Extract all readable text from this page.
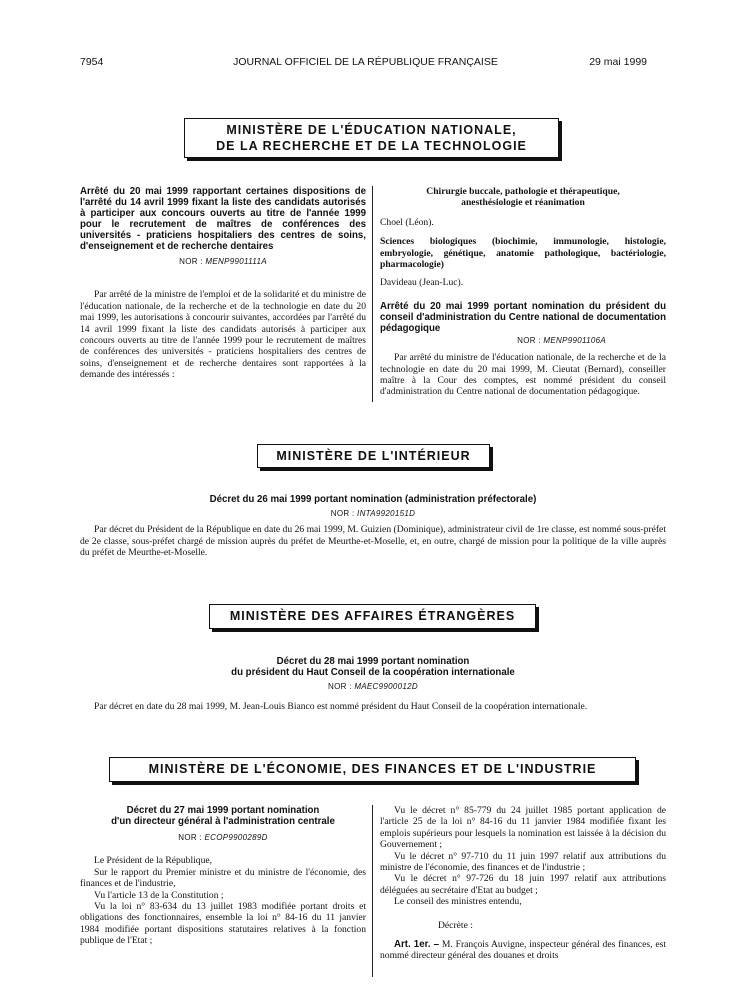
7954	JOURNAL OFFICIEL DE LA RÉPUBLIQUE FRANÇAISE	29 mai 1999
MINISTÈRE DE L'ÉDUCATION NATIONALE,
DE LA RECHERCHE ET DE LA TECHNOLOGIE
Arrêté du 20 mai 1999 rapportant certaines dispositions de l'arrêté du 14 avril 1999 fixant la liste des candidats autorisés à participer aux concours ouverts au titre de l'année 1999 pour le recrutement de maîtres de conférences des universités - praticiens hospitaliers des centres de soins, d'enseignement et de recherche dentaires
NOR : MENP9901111A

Par arrêté de la ministre de l'emploi et de la solidarité et du ministre de l'éducation nationale, de la recherche et de la technologie en date du 20 mai 1999, les autorisations à concourir suivantes, accordées par l'arrêté du 14 avril 1999 fixant la liste des candidats autorisés à participer aux concours ouverts au titre de l'année 1999 pour le recrutement de maîtres de conférences des universités - praticiens hospitaliers des centres de soins, d'enseignement et de recherche dentaires sont rapportées à la demande des intéressés :

Chirurgie buccale, pathologie et thérapeutique, anesthésiologie et réanimation

Choel (Léon).

Sciences biologiques (biochimie, immunologie, histologie, embryologie, génétique, anatomie pathologique, bactériologie, pharmacologie)

Davideau (Jean-Luc).

Arrêté du 20 mai 1999 portant nomination du président du conseil d'administration du Centre national de documentation pédagogique
NOR : MENP9901106A

Par arrêté du ministre de l'éducation nationale, de la recherche et de la technologie en date du 20 mai 1999, M. Cieutat (Bernard), conseiller maître à la Cour des comptes, est nommé président du conseil d'administration du Centre national de documentation pédagogique.

MINISTÈRE DE L'INTÉRIEUR
Décret du 26 mai 1999 portant nomination (administration préfectorale)
NOR : INTA9920151D

Par décret du Président de la République en date du 26 mai 1999, M. Guizien (Dominique), administrateur civil de 1re classe, est nommé sous-préfet de 2e classe, sous-préfet chargé de mission auprès du préfet de Meurthe-et-Moselle, et, en outre, chargé de mission pour la politique de la ville auprès du préfet de Meurthe-et-Moselle.

MINISTÈRE DES AFFAIRES ÉTRANGÈRES
Décret du 28 mai 1999 portant nomination
du président du Haut Conseil de la coopération internationale
NOR : MAEC9900012D

Par décret en date du 28 mai 1999, M. Jean-Louis Bianco est nommé président du Haut Conseil de la coopération internationale.

MINISTÈRE DE L'ÉCONOMIE, DES FINANCES ET DE L'INDUSTRIE
Décret du 27 mai 1999 portant nomination
d'un directeur général à l'administration centrale
NOR : ECOP9900289D

Le Président de la République,

Sur le rapport du Premier ministre et du ministre de l'économie, des finances et de l'industrie,

Vu l'article 13 de la Constitution ;

Vu la loi n° 83-634 du 13 juillet 1983 modifiée portant droits et obligations des fonctionnaires, ensemble la loi n° 84-16 du 11 janvier 1984 modifiée portant dispositions statutaires relatives à la fonction publique de l'Etat ;

Vu le décret n° 85-779 du 24 juillet 1985 portant application de l'article 25 de la loi n° 84-16 du 11 janvier 1984 modifiée fixant les emplois supérieurs pour lesquels la nomination est laissée à la décision du Gouvernement ;

Vu le décret n° 97-710 du 11 juin 1997 relatif aux attributions du ministre de l'économie, des finances et de l'industrie ;

Vu le décret n° 97-726 du 18 juin 1997 relatif aux attributions déléguées au secrétaire d'Etat au budget ;

Le conseil des ministres entendu,

Décrète :

Art. 1er. – M. François Auvigne, inspecteur général des finances, est nommé directeur général des douanes et droits
